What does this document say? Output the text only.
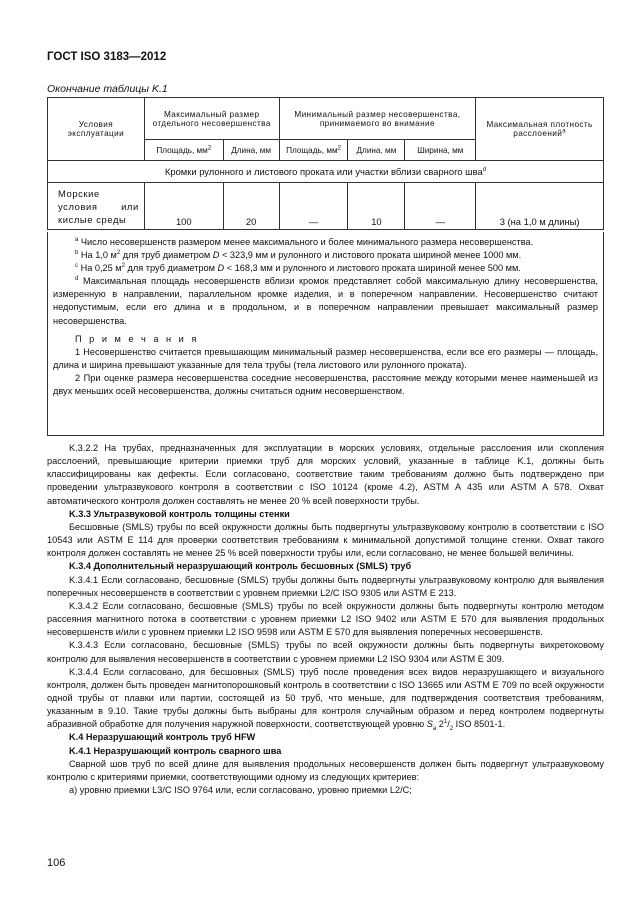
ГОСТ ISO 3183—2012
Окончание таблицы K.1
Условия эксплуатации	Максимальный размер отдельного несовершенства		Минимальный размер несовершенства, принимаемого во внимание			Максимальная плотность расслоений$^a$
	Площадь, $мм^2$	Длина, мм	Площадь, $мм^2$	Длина, мм	Ширина, мм	
Кромки рулонного и листового проката или участки вблизи сварного шва$^d$
Морские условия или кислые среды	100	20	—	10	—	3 (на 1,0 м длины)

$^a$ Число несовершенств размером менее максимального и более минимального размера несовершенства.

$^b$ На 1,0 $м^2$ для труб диаметром D < 323,9 мм и рулонного и листового проката шириной менее 1000 мм.

$^c$ На 0,25 $м^2$ для труб диаметром D < 168,3 мм и рулонного и листового проката шириной менее 500 мм.

$^d$ Максимальная площадь несовершенств вблизи кромок представляет собой максимальную длину несовершенства, измеренную в направлении, параллельном кромке изделия, и в поперечном направлении. Несовершенство считают недопустимым, если его длина и в продольном, и в поперечном направлении превышает максимальный размер несовершенства.

П р и м е ч а н и я

1 Несовершенство считается превышающим минимальный размер несовершенства, если все его размеры — площадь, длина и ширина превышают указанные для тела трубы (тела листового или рулонного проката).

2 При оценке размера несовершенства соседние несовершенства, расстояние между которыми менее наименьшей из двух меньших осей несовершенства, должны считаться одним несовершенством.

K.3.2.2 На трубах, предназначенных для эксплуатации в морских условиях, отдельные расслоения или скопления расслоений, превышающие критерии приемки труб для морских условий, указанные в таблице K.1, должны быть классифицированы как дефекты. Если согласовано, соответствие таким требованиям должно быть подтверждено при проведении ультразвукового контроля в соответствии с ISO 10124 (кроме 4.2), ASTM A 435 или ASTM A 578. Охват автоматического контроля должен составлять не менее 20 % всей поверхности трубы.

K.3.3 Ультразвуковой контроль толщины стенки

Бесшовные (SMLS) трубы по всей окружности должны быть подвергнуты ультразвуковому контролю в соответствии с ISO 10543 или ASTM E 114 для проверки соответствия требованиям к минимальной допустимой толщине стенки. Охват такого контроля должен составлять не менее 25 % всей поверхности трубы или, если согласовано, не менее большей величины.

K.3.4 Дополнительный неразрушающий контроль бесшовных (SMLS) труб

K.3.4.1 Если согласовано, бесшовные (SMLS) трубы должны быть подвергнуты ультразвуковому контролю для выявления поперечных несовершенств в соответствии с уровнем приемки L2/C ISO 9305 или ASTM E 213.

K.3.4.2 Если согласовано, бесшовные (SMLS) трубы по всей окружности должны быть подвергнуты контролю методом рассеяния магнитного потока в соответствии с уровнем приемки L2 ISO 9402 или ASTM E 570 для выявления продольных несовершенств и/или с уровнем приемки L2 ISO 9598 или ASTM E 570 для выявления поперечных несовершенств.

K.3.4.3 Если согласовано, бесшовные (SMLS) трубы по всей окружности должны быть подвергнуты вихретоковому контролю для выявления несовершенств в соответствии с уровнем приемки L2 ISO 9304 или ASTM E 309.

K.3.4.4 Если согласовано, для бесшовных (SMLS) труб после проведения всех видов неразрушающего и визуального контроля, должен быть проведен магнитопорошковый контроль в соответствии с ISO 13665 или ASTM E 709 по всей окружности одной трубы от плавки или партии, состоящей из 50 труб, что меньше, для подтверждения соответствия требованиям, указанным в 9.10. Такие трубы должны быть выбраны для контроля случайным образом и перед контролем подвергнуты абразивной обработке для получения наружной поверхности, соответствующей уровню $S_a$ $2^1/_2$ ISO 8501-1.

K.4 Неразрушающий контроль труб HFW

K.4.1 Неразрушающий контроль сварного шва

Сварной шов труб по всей длине для выявления продольных несовершенств должен быть подвергнут ультразвуковому контролю с критериями приемки, соответствующими одному из следующих критериев:

a) уровню приемки L3/C ISO 9764 или, если согласовано, уровню приемки L2/C;

106
